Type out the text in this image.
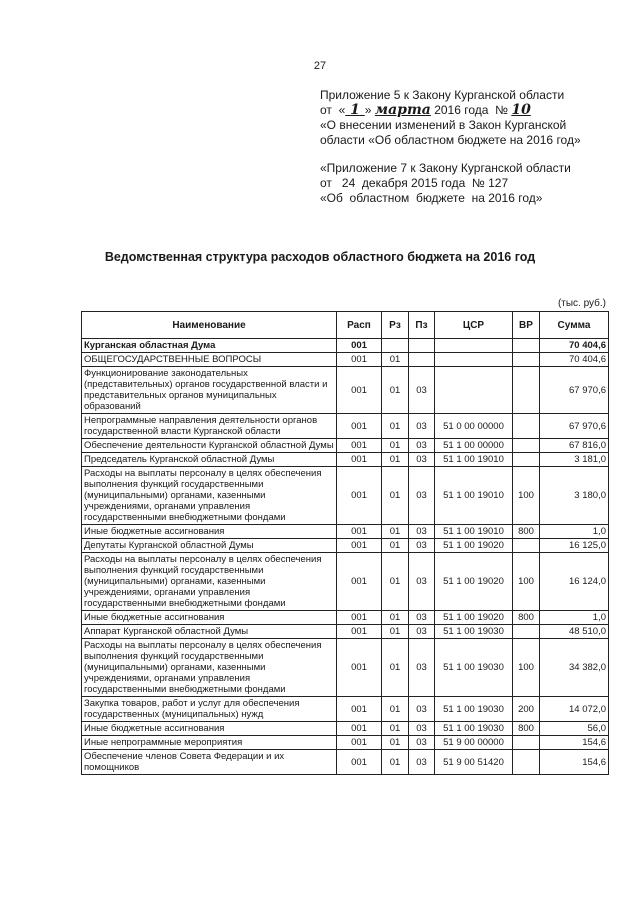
27
Приложение 5 к Закону Курганской области
от « 1 » марта 2016 года № 10
«О внесении изменений в Закон Курганской
области «Об областном бюджете на 2016 год»
«Приложение 7 к Закону Курганской области
от   24  декабря 2015 года  № 127
«Об  областном  бюджете  на 2016 год»
Ведомственная структура расходов областного бюджета на 2016 год
(тыс. руб.)
Наименование	Расп	Рз	Пз	ЦСР	ВР	Сумма
Курганская областная Дума	001					70 404,6
ОБЩЕГОСУДАРСТВЕННЫЕ ВОПРОСЫ	001	01				70 404,6
Функционирование законодательных (представительных) органов государственной власти и представительных органов муниципальных образований	001	01	03			67 970,6
Непрограммные направления деятельности органов государственной власти Курганской области	001	01	03	51 0 00 00000		67 970,6
Обеспечение деятельности Курганской областной Думы	001	01	03	51 1 00 00000		67 816,0
Председатель Курганской областной Думы	001	01	03	51 1 00 19010		3 181,0
Расходы на выплаты персоналу в целях обеспечения выполнения функций государственными (муниципальными) органами, казенными учреждениями, органами управления государственными внебюджетными фондами	001	01	03	51 1 00 19010	100	3 180,0
Иные бюджетные ассигнования	001	01	03	51 1 00 19010	800	1,0
Депутаты Курганской областной Думы	001	01	03	51 1 00 19020		16 125,0
Расходы на выплаты персоналу в целях обеспечения выполнения функций государственными (муниципальными) органами, казенными учреждениями, органами управления государственными внебюджетными фондами	001	01	03	51 1 00 19020	100	16 124,0
Иные бюджетные ассигнования	001	01	03	51 1 00 19020	800	1,0
Аппарат Курганской областной Думы	001	01	03	51 1 00 19030		48 510,0
Расходы на выплаты персоналу в целях обеспечения выполнения функций государственными (муниципальными) органами, казенными учреждениями, органами управления государственными внебюджетными фондами	001	01	03	51 1 00 19030	100	34 382,0
Закупка товаров, работ и услуг для обеспечения государственных (муниципальных) нужд	001	01	03	51 1 00 19030	200	14 072,0
Иные бюджетные ассигнования	001	01	03	51 1 00 19030	800	56,0
Иные непрограммные мероприятия	001	01	03	51 9 00 00000		154,6
Обеспечение членов Совета Федерации и их помощников	001	01	03	51 9 00 51420		154,6
